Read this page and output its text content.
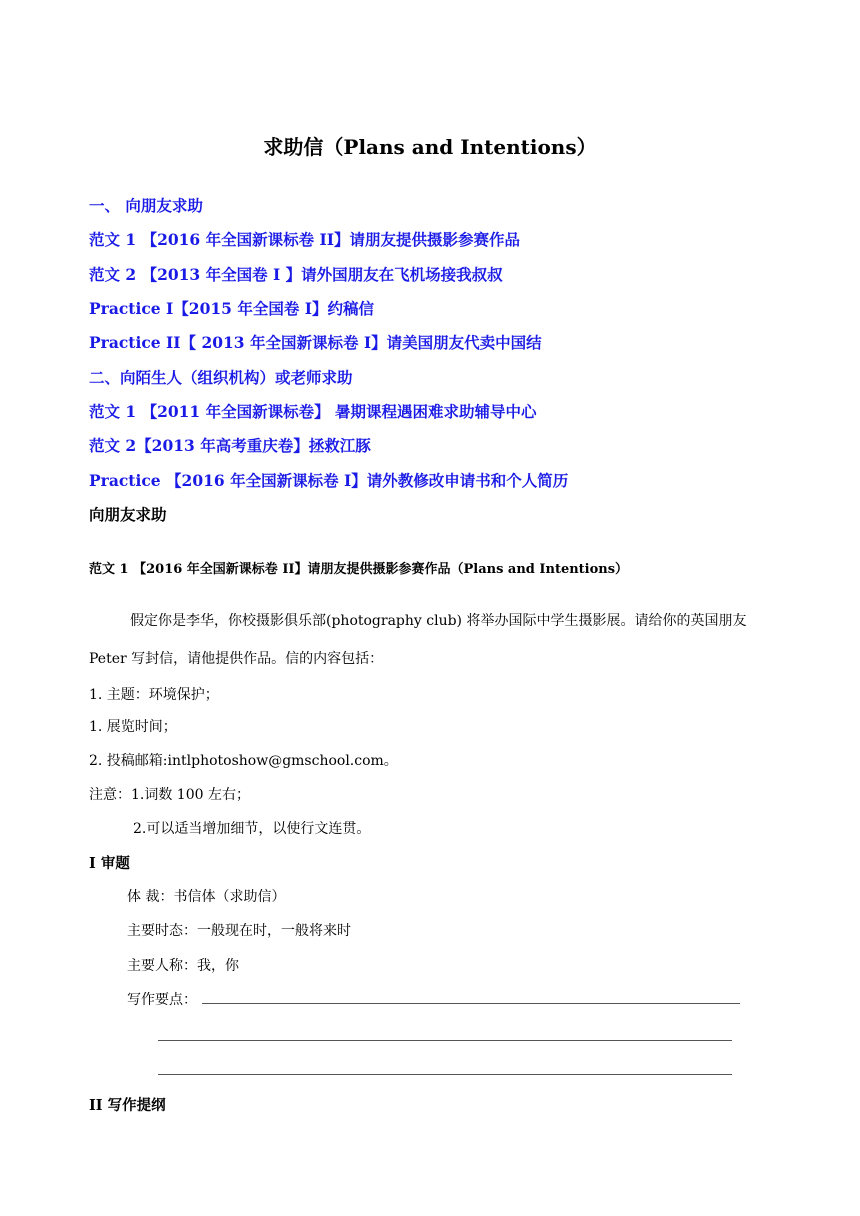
求助信（Plans and Intentions）
一、 向朋友求助
范文 1 【2016 年全国新课标卷 II】请朋友提供摄影参赛作品
范文 2 【2013 年全国卷 Ⅰ 】请外国朋友在飞机场接我叔叔
Practice I【2015 年全国卷 I】约稿信
Practice II【 2013 年全国新课标卷 I】请美国朋友代卖中国结
二、向陌生人（组织机构）或老师求助
范文 1 【2011 年全国新课标卷】 暑期课程遇困难求助辅导中心
范文 2【2013 年高考重庆卷】拯救江豚
Practice 【2016 年全国新课标卷 I】请外教修改申请书和个人简历
向朋友求助
范文 1 【2016 年全国新课标卷 II】请朋友提供摄影参赛作品（Plans and Intentions）
假定你是李华，你校摄影俱乐部(photography club) 将举办国际中学生摄影展。请给你的英国朋友
Peter 写封信，请他提供作品。信的内容包括：
1. 主题：环境保护；
1. 展览时间；
2. 投稿邮箱:intlphotoshow@gmschool.com。
注意：1.词数 100 左右；
2.可以适当增加细节，以使行文连贯。
I 审题
体 裁：书信体（求助信）
主要时态：一般现在时，一般将来时
主要人称：我，你
写作要点：
II 写作提纲
